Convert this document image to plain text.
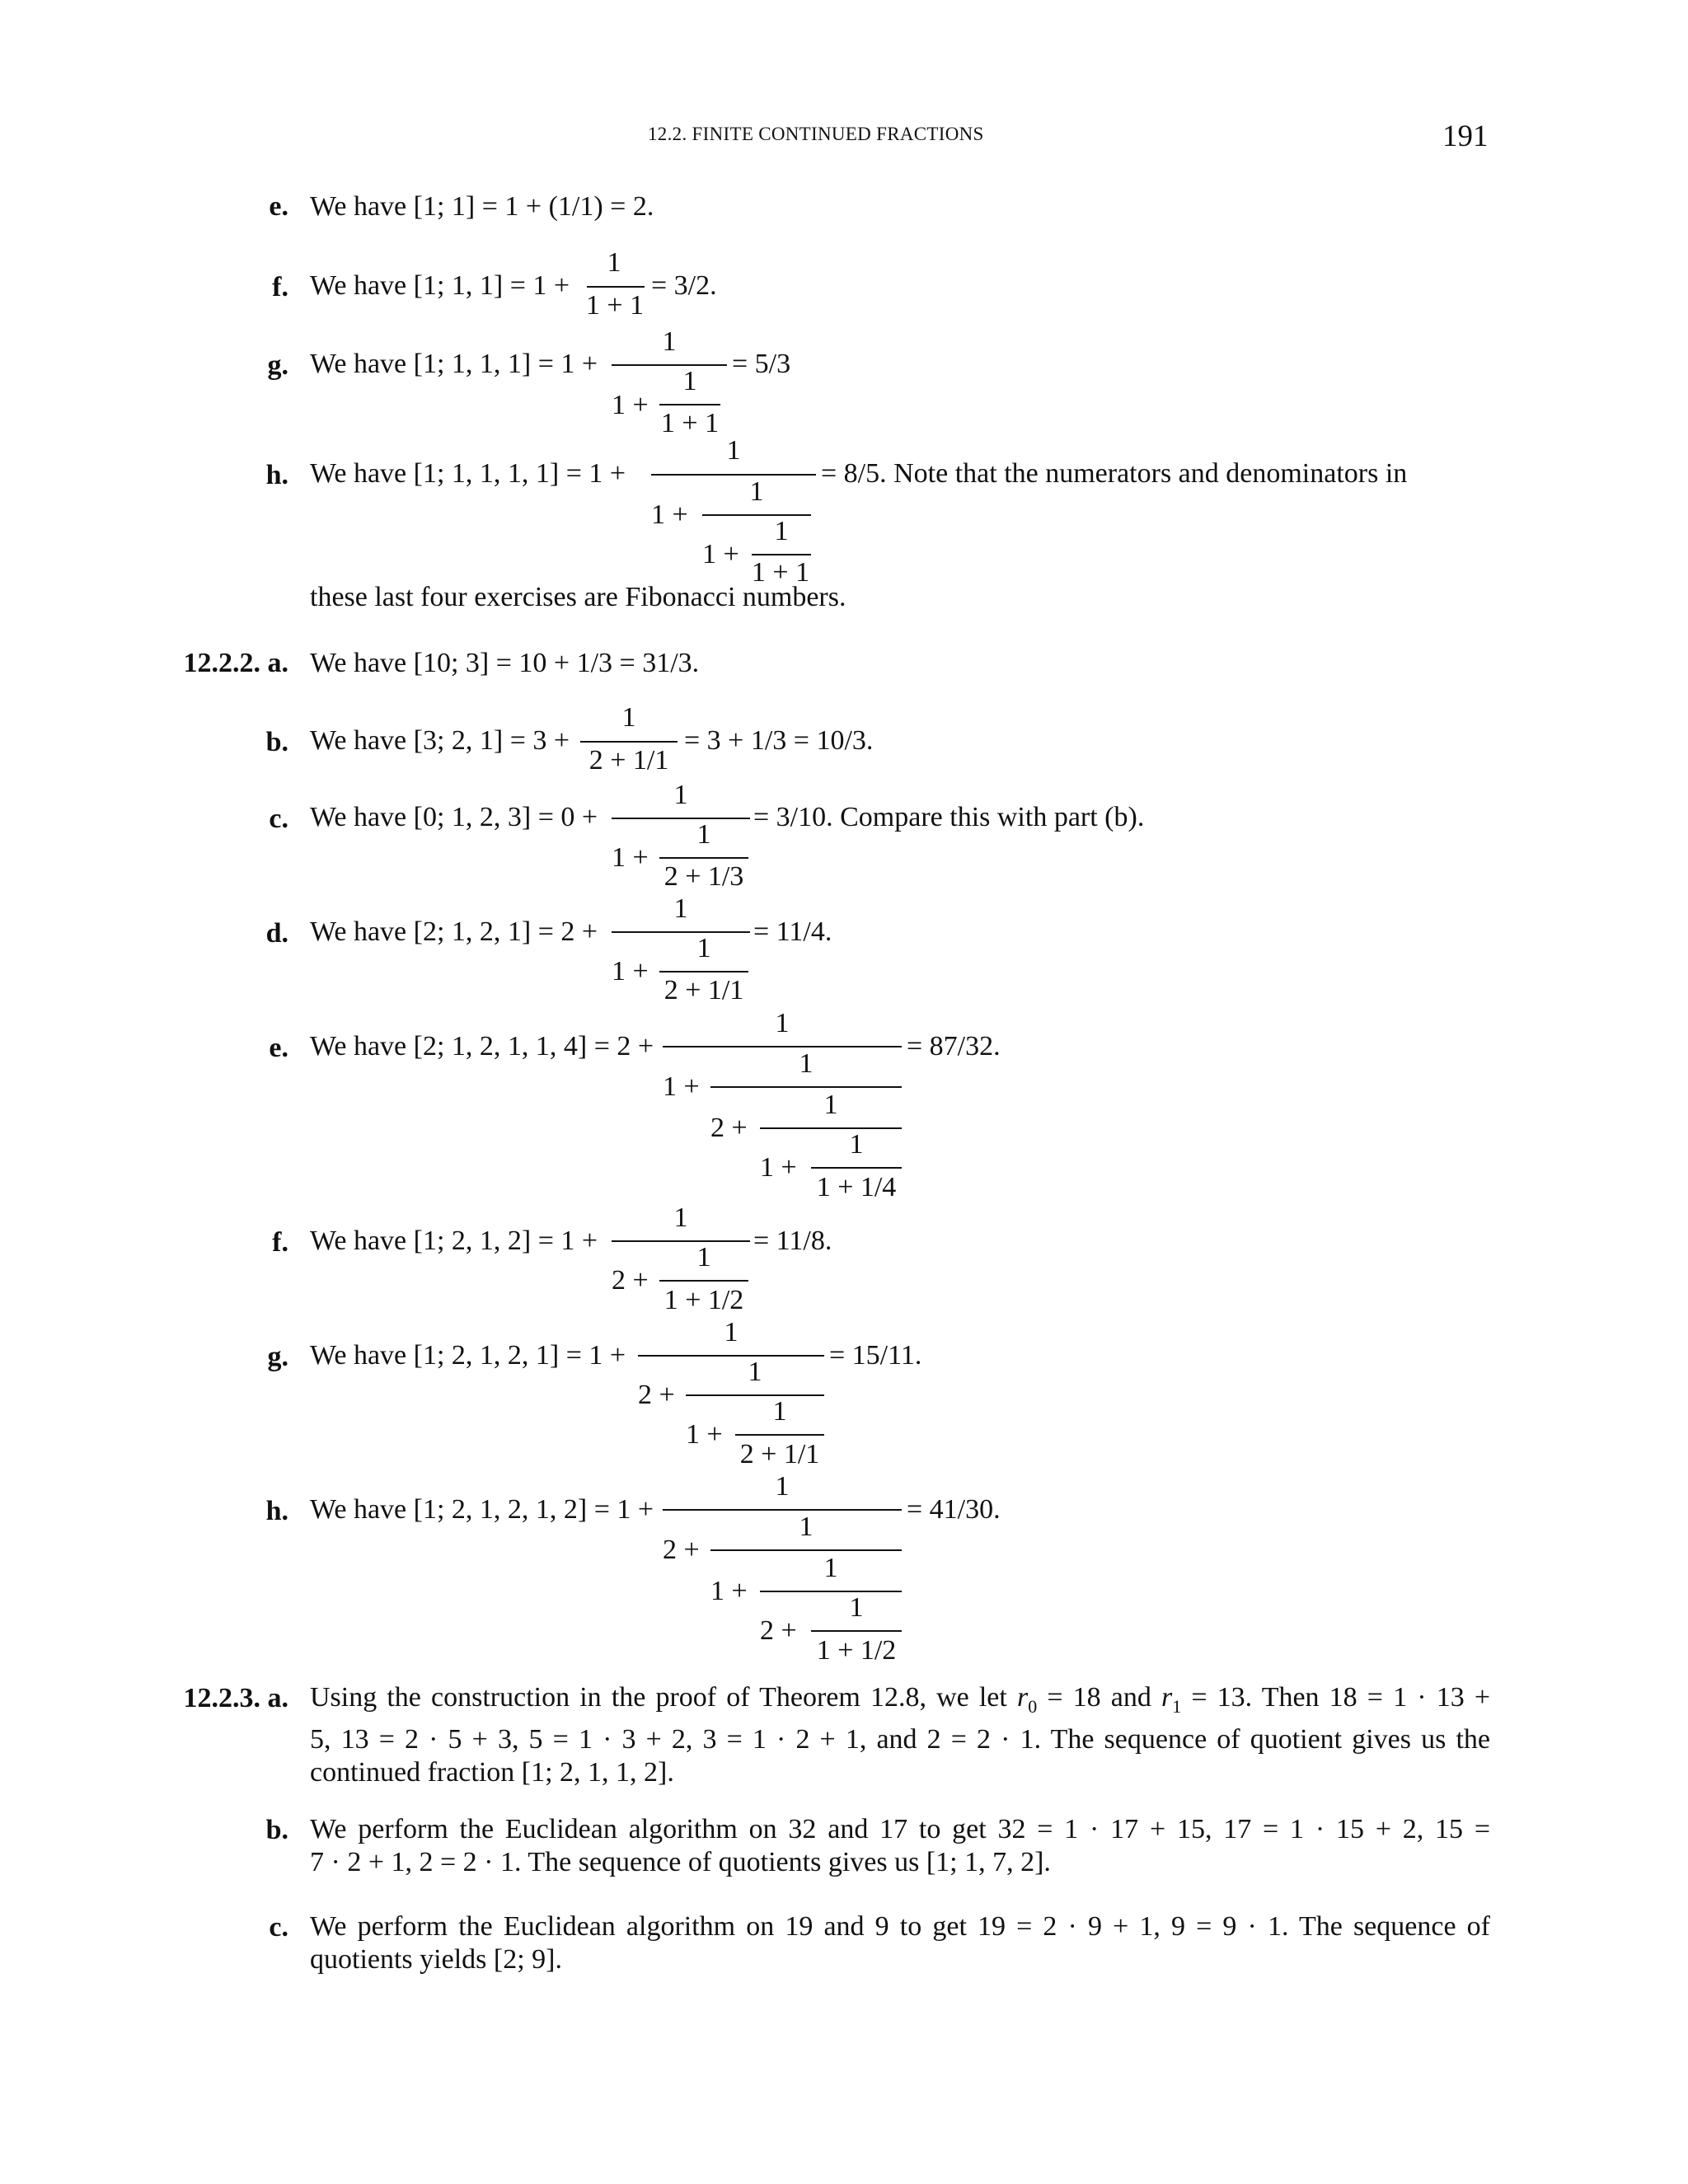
12.2. FINITE CONTINUED FRACTIONS	191
e. We have [1; 1] = 1 + (1/1) = 2.
f. We have [1; 1, 1] = 1 +
1
1 + 1
= 3/2.
g. We have [1; 1, 1, 1] = 1 +
1
1 +
1
1 + 1
= 5/3
h. We have [1; 1, 1, 1, 1] = 1 +
1
1 +
1
1 +
1
1 + 1
= 8/5. Note that the numerators and denominators in
these last four exercises are Fibonacci numbers.
12.2.2. a. We have [10; 3] = 10 + 1/3 = 31/3.
b. We have [3; 2, 1] = 3 +
1
2 + 1/1
= 3 + 1/3 = 10/3.
c. We have [0; 1, 2, 3] = 0 +
1
1 +
1
2 + 1/3
= 3/10. Compare this with part (b).
d. We have [2; 1, 2, 1] = 2 +
1
1 +
1
2 + 1/1
= 11/4.
e. We have [2; 1, 2, 1, 1, 4] = 2 +
1
1 +
1
2 +
1
1 +
1
1 + 1/4
= 87/32.
f. We have [1; 2, 1, 2] = 1 +
1
2 +
1
1 + 1/2
= 11/8.
g. We have [1; 2, 1, 2, 1] = 1 +
1
2 +
1
1 +
1
2 + 1/1
= 15/11.
h. We have [1; 2, 1, 2, 1, 2] = 1 +
1
2 +
1
1 +
1
2 +
1
1 + 1/2
= 41/30.
12.2.3. a. Using the construction in the proof of Theorem 12.8, we let $r_0 = 18$ and $r_1 = 13$. Then 18 = 1 · 13 +
5, 13 = 2 · 5 + 3, 5 = 1 · 3 + 2, 3 = 1 · 2 + 1, and 2 = 2 · 1. The sequence of quotient gives us the
continued fraction [1; 2, 1, 1, 2].
b. We perform the Euclidean algorithm on 32 and 17 to get 32 = 1 · 17 + 15, 17 = 1 · 15 + 2, 15 =
7 · 2 + 1, 2 = 2 · 1. The sequence of quotients gives us [1; 1, 7, 2].
c. We perform the Euclidean algorithm on 19 and 9 to get 19 = 2 · 9 + 1, 9 = 9 · 1. The sequence of
quotients yields [2; 9].
